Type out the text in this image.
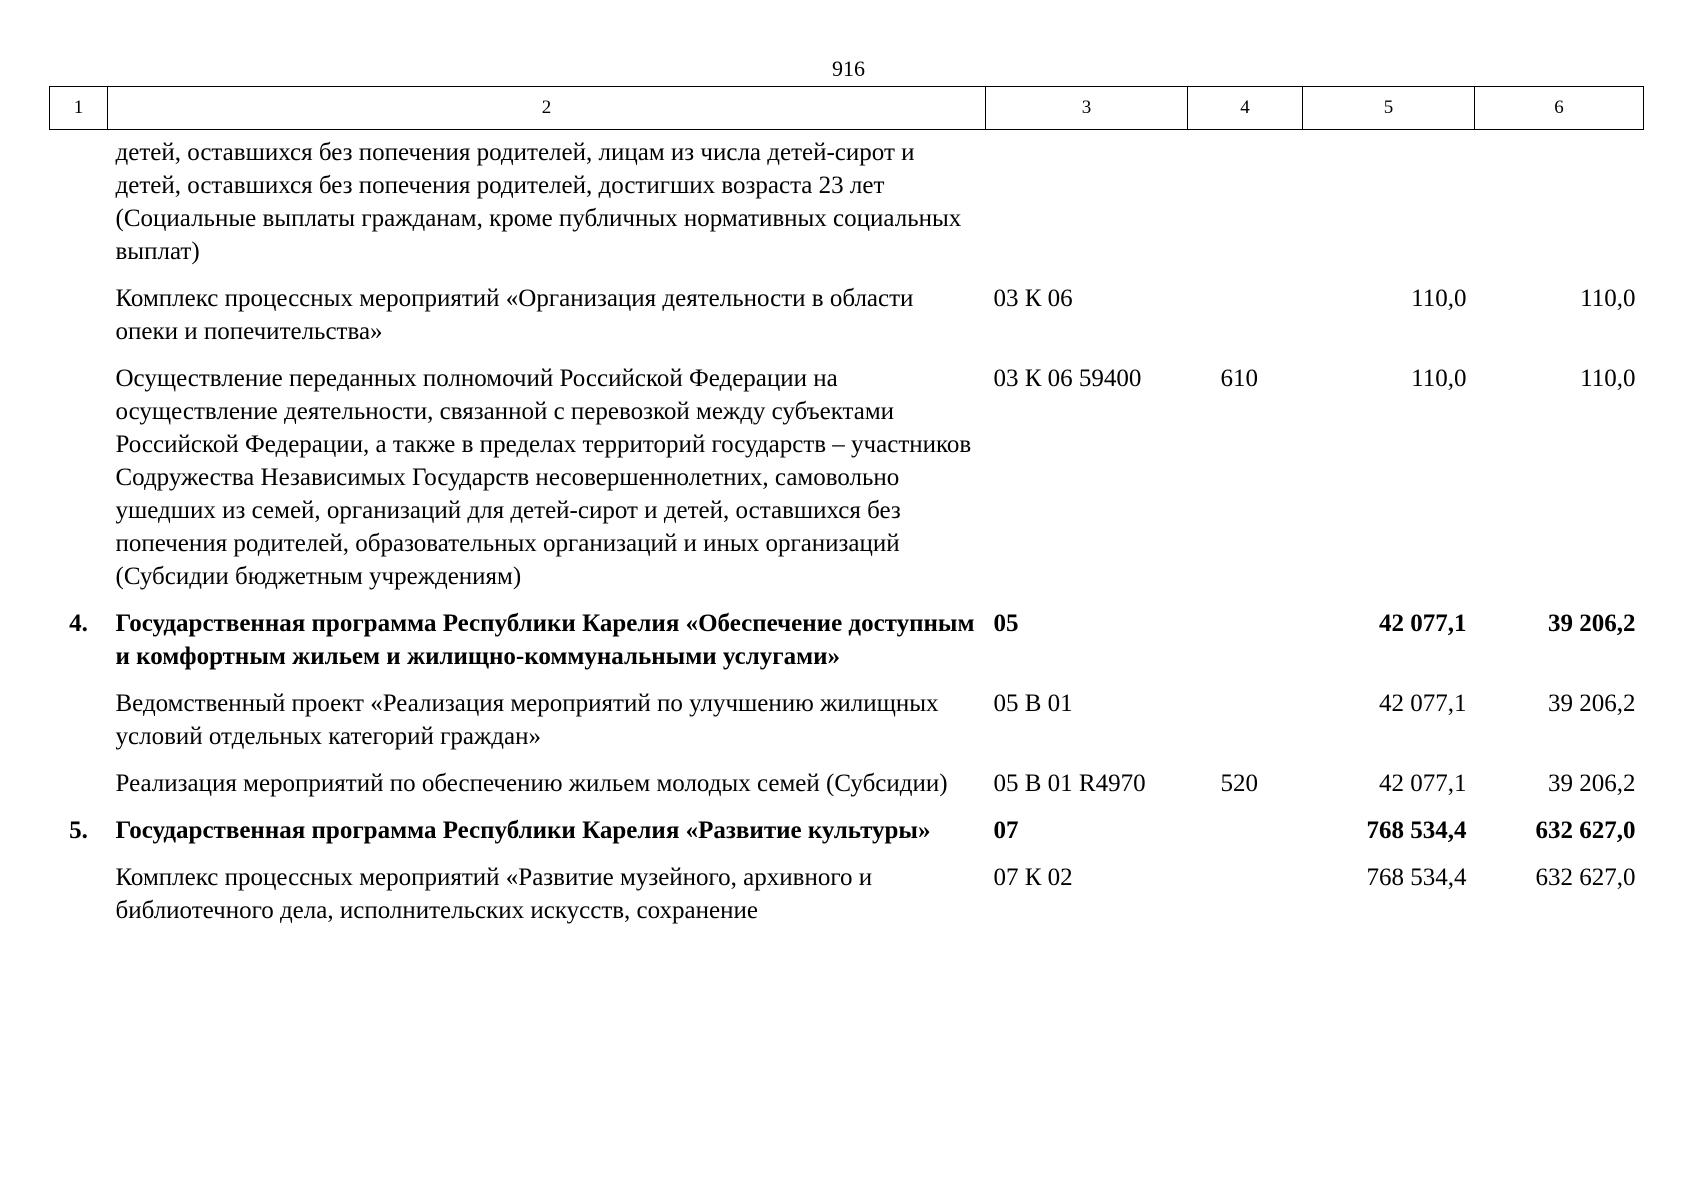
916
1	2	3	4	5	6
	детей, оставшихся без попечения родителей, лицам из числа детей-сирот и детей, оставшихся без попечения родителей, достигших возраста 23 лет (Социальные выплаты гражданам, кроме публичных нормативных социальных выплат)				
	Комплекс процессных мероприятий «Организация деятельности в области опеки и попечительства»	03 К 06		110,0	110,0
	Осуществление переданных полномочий Российской Федерации на осуществление деятельности, связанной с перевозкой между субъектами Российской Федерации, а также в пределах территорий государств – участников Содружества Независимых Государств несовершеннолетних, самовольно ушедших из семей, организаций для детей-сирот и детей, оставшихся без попечения родителей, образовательных организаций и иных организаций (Субсидии бюджетным учреждениям)	03 К 06 59400	610	110,0	110,0
4.	Государственная программа Республики Карелия «Обеспечение доступным и комфортным жильем и жилищно-коммунальными услугами»	05		42 077,1	39 206,2
	Ведомственный проект «Реализация мероприятий по улучшению жилищных условий отдельных категорий граждан»	05 В 01		42 077,1	39 206,2
	Реализация мероприятий по обеспечению жильем молодых семей (Субсидии)	05 В 01 R4970	520	42 077,1	39 206,2
5.	Государственная программа Республики Карелия «Развитие культуры»	07		768 534,4	632 627,0
	Комплекс процессных мероприятий «Развитие музейного, архивного и библиотечного дела, исполнительских искусств, сохранение	07 К 02		768 534,4	632 627,0
